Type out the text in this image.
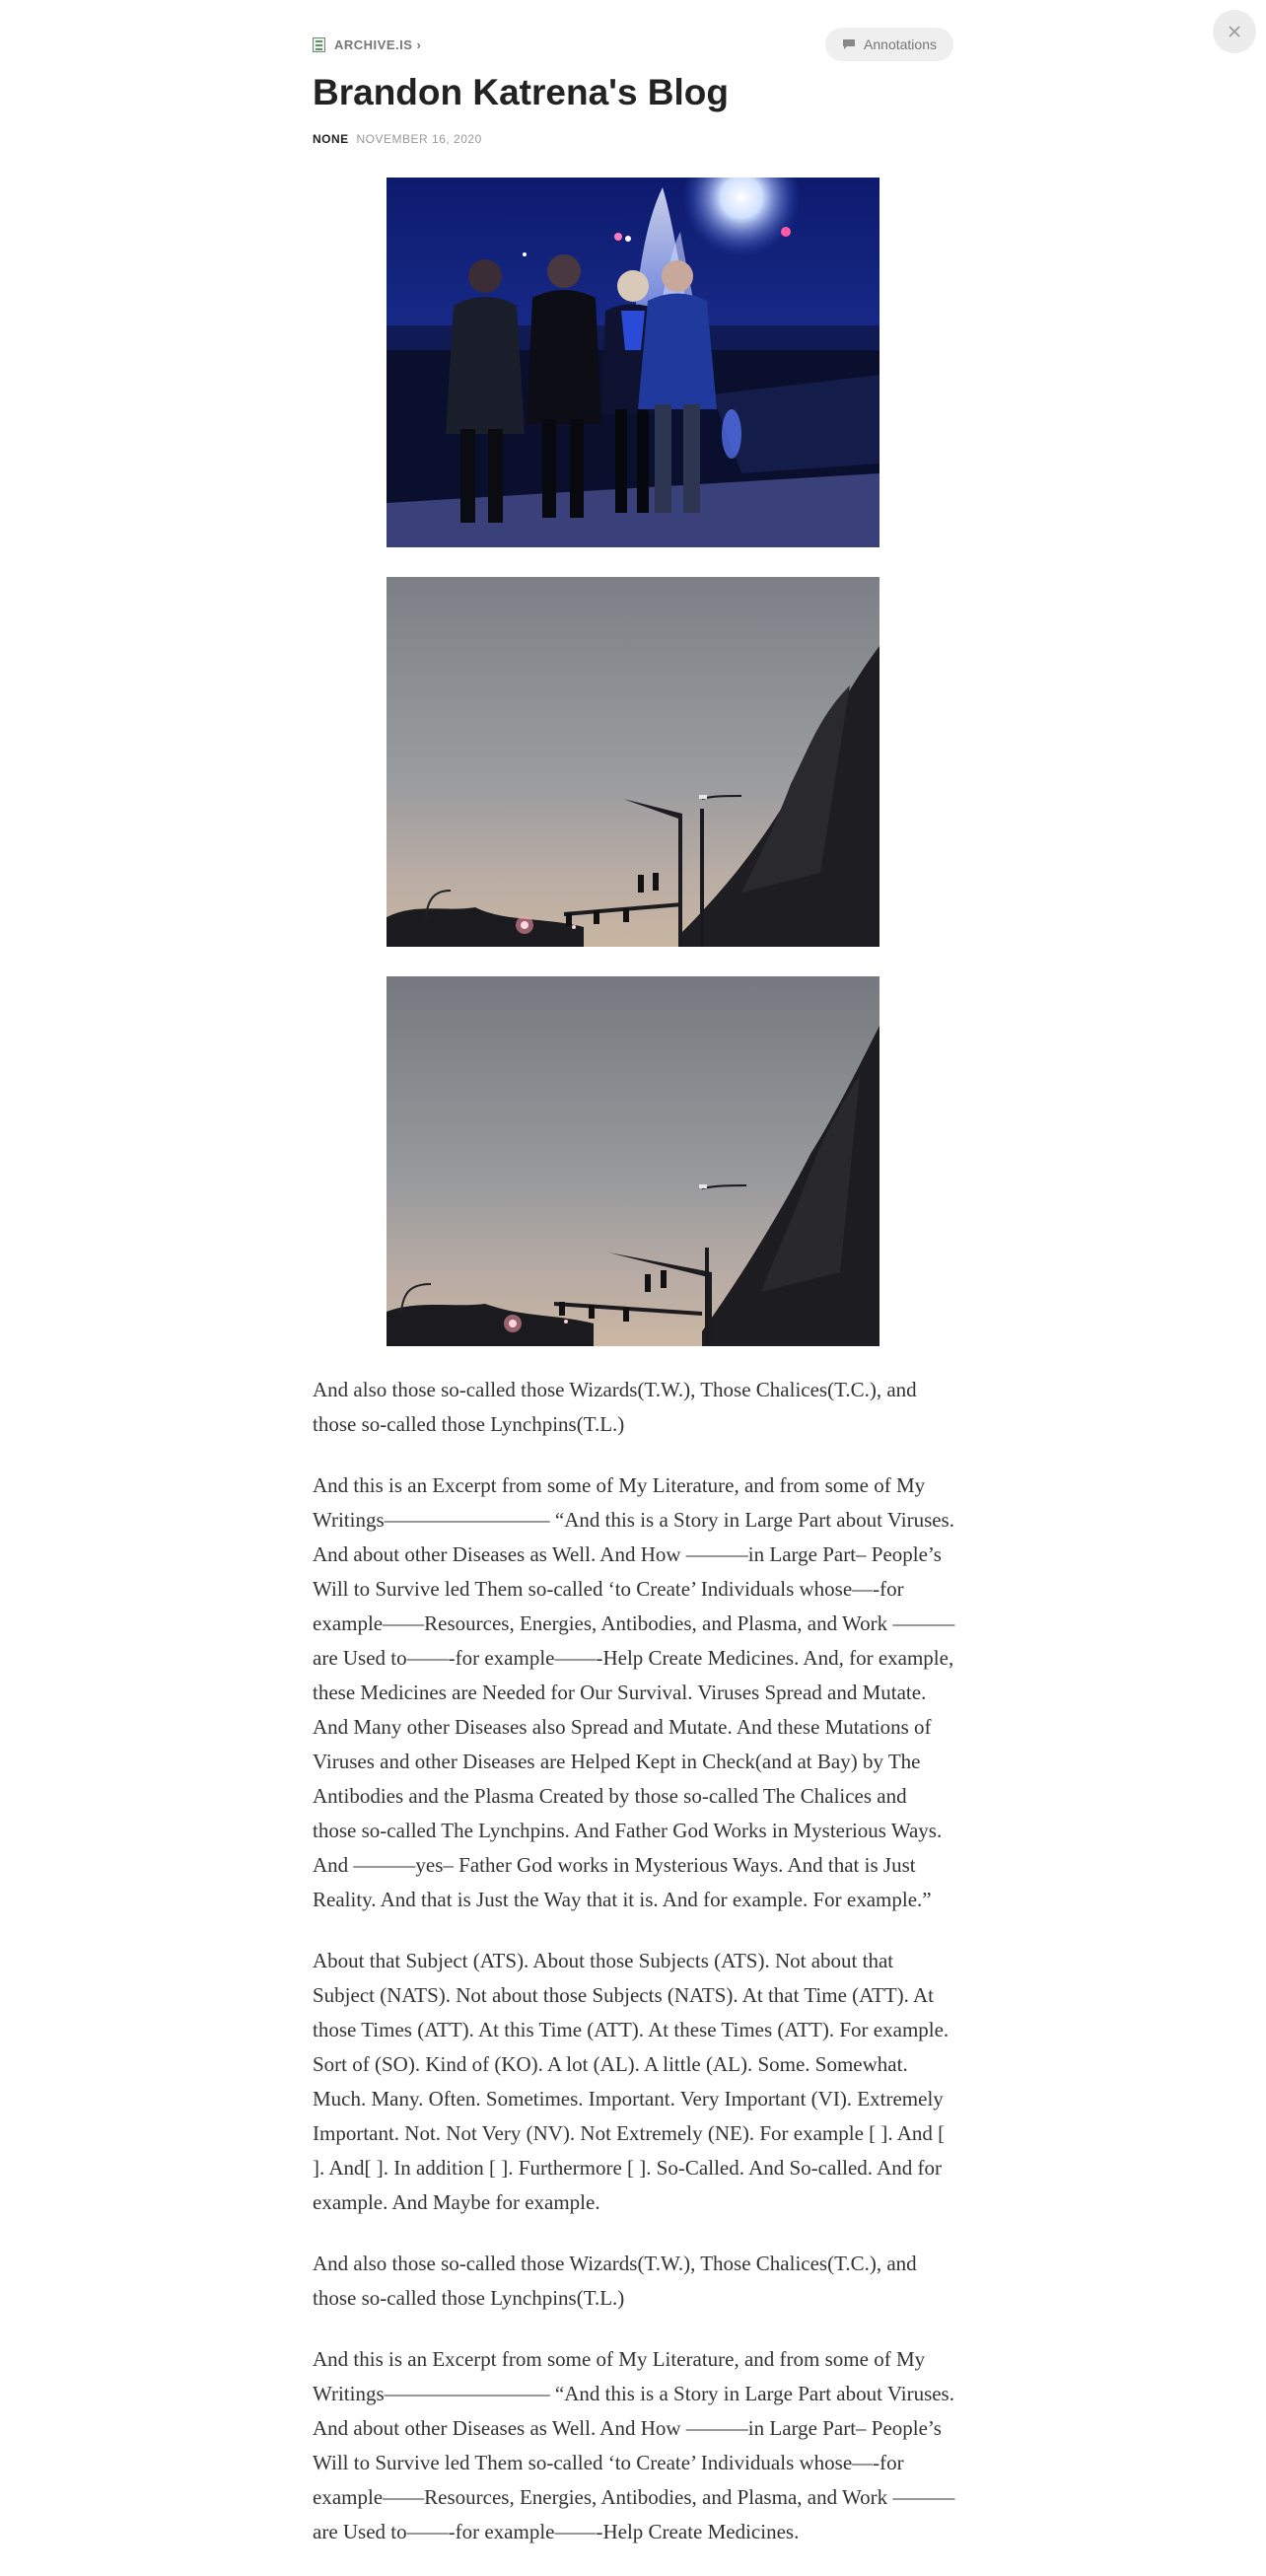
ARCHIVE.IS ›	Annotations
Brandon Katrena's Blog
NONE NOVEMBER 16, 2020

And also those so-called those Wizards(T.W.), Those Chalices(T.C.), and those so-called those Lynchpins(T.L.)

And this is an Excerpt from some of My Literature, and from some of My Writings———————— “And this is a Story in Large Part about Viruses. And about other Diseases as Well. And How ———in Large Part– People’s Will to Survive led Them so-called ‘to Create’ Individuals whose—-for example——Resources, Energies, Antibodies, and Plasma, and Work ———are Used to——-for example——-Help Create Medicines. And, for example, these Medicines are Needed for Our Survival. Viruses Spread and Mutate. And Many other Diseases also Spread and Mutate. And these Mutations of Viruses and other Diseases are Helped Kept in Check(and at Bay) by The Antibodies and the Plasma Created by those so-called The Chalices and those so-called The Lynchpins. And Father God Works in Mysterious Ways. And ———yes– Father God works in Mysterious Ways. And that is Just Reality. And that is Just the Way that it is. And for example. For example.”

About that Subject (ATS). About those Subjects (ATS). Not about that Subject (NATS). Not about those Subjects (NATS). At that Time (ATT). At those Times (ATT). At this Time (ATT). At these Times (ATT). For example. Sort of (SO). Kind of (KO). A lot (AL). A little (AL). Some. Somewhat. Much. Many. Often. Sometimes. Important. Very Important (VI). Extremely Important. Not. Not Very (NV). Not Extremely (NE). For example [ ]. And [ ]. And[ ]. In addition [ ]. Furthermore [ ]. So-Called. And So-called. And for example. And Maybe for example.

And also those so-called those Wizards(T.W.), Those Chalices(T.C.), and those so-called those Lynchpins(T.L.)

And this is an Excerpt from some of My Literature, and from some of My Writings———————— “And this is a Story in Large Part about Viruses. And about other Diseases as Well. And How ———in Large Part– People’s Will to Survive led Them so-called ‘to Create’ Individuals whose—-for example——Resources, Energies, Antibodies, and Plasma, and Work ———are Used to——-for example——-Help Create Medicines.
